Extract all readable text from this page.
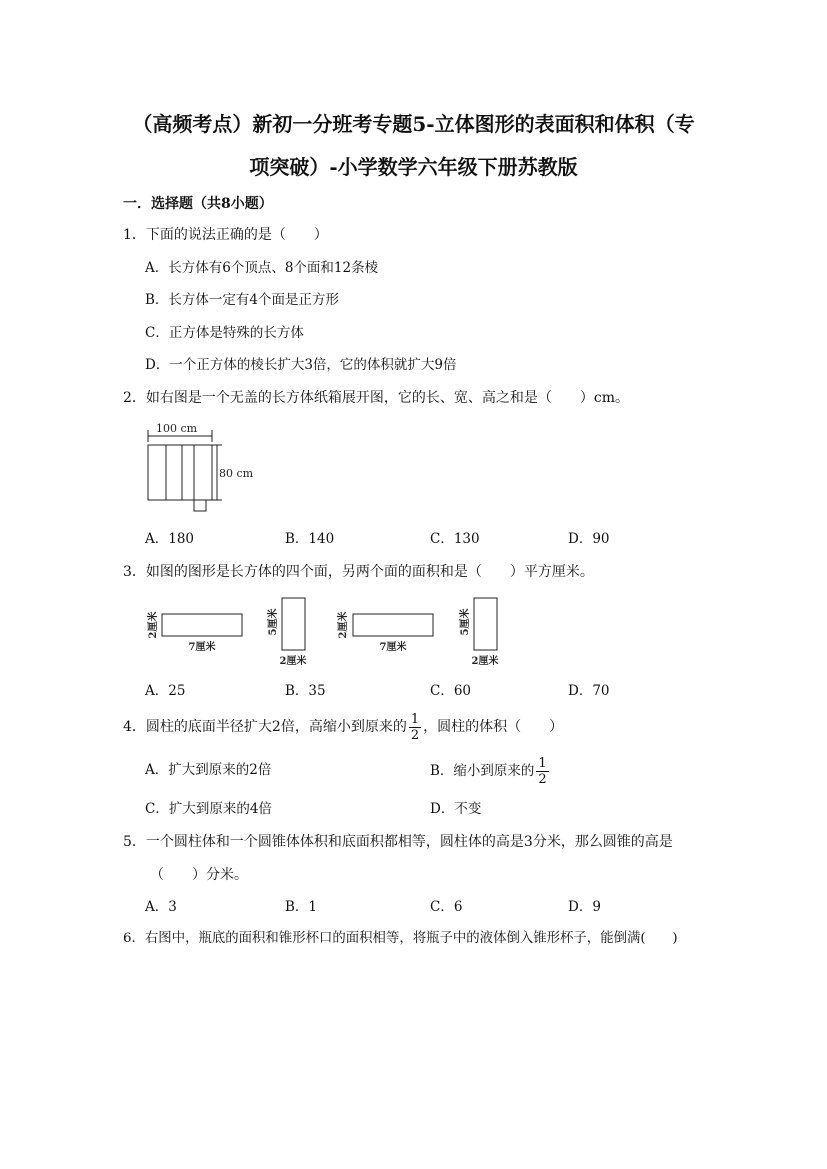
（高频考点）新初一分班考专题5-立体图形的表面积和体积（专
项突破）-小学数学六年级下册苏教版
一．选择题（共8小题）
1．下面的说法正确的是（　　）
A．长方体有6个顶点、8个面和12条棱
B．长方体一定有4个面是正方形
C．正方体是特殊的长方体
D．一个正方体的棱长扩大3倍，它的体积就扩大9倍
2．如右图是一个无盖的长方体纸箱展开图，它的长、宽、高之和是（　　）cm。
100 cm
80 cm
A．180	B．140	C．130	D．90
3．如图的图形是长方体的四个面，另两个面的面积和是（　　）平方厘米。
2厘米
7厘米
5厘米
2厘米
2厘米
7厘米
5厘米
2厘米
A．25	B．35	C．60	D．70
4．圆柱的底面半径扩大2倍，高缩小到原来的 $\frac{1}{2}$ ，圆柱的体积（　　）
A．扩大到原来的2倍	B．缩小到原来的 $\frac{1}{2}$
C．扩大到原来的4倍	D．不变
5．一个圆柱体和一个圆锥体体积和底面积都相等，圆柱体的高是3分米，那么圆锥的高是
（　　）分米。
A．3	B．1	C．6	D．9
6．右图中，瓶底的面积和锥形杯口的面积相等，将瓶子中的液体倒入锥形杯子，能倒满(　　)
